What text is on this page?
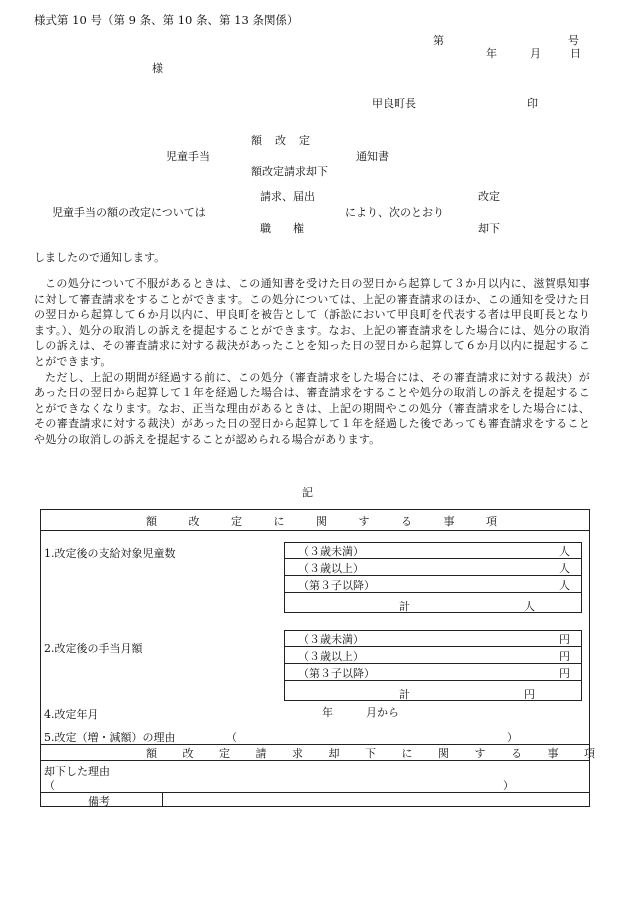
様式第 10 号（第 9 条、第 10 条、第 13 条関係）
第	号
年	月	日
様
甲良町長	印
額　改　定
児童手当	通知書
額改定請求却下
請求、届出	改定
児童手当の額の改定については	により、次のとおり
職　　権	却下
しましたので通知します。

この処分について不服があるときは、この通知書を受けた日の翌日から起算して３か月以内に、滋賀県知事に対して審査請求をすることができます。この処分については、上記の審査請求のほか、この通知を受けた日の翌日から起算して６か月以内に、甲良町を被告として（訴訟において甲良町を代表する者は甲良町長となります。）、処分の取消しの訴えを提起することができます。なお、上記の審査請求をした場合には、処分の取消しの訴えは、その審査請求に対する裁決があったことを知った日の翌日から起算して６か月以内に提起することができます。

ただし、上記の期間が経過する前に、この処分（審査請求をした場合には、その審査請求に対する裁決）があった日の翌日から起算して１年を経過した場合は、審査請求をすることや処分の取消しの訴えを提起することができなくなります。なお、正当な理由があるときは、上記の期間やこの処分（審査請求をした場合には、その審査請求に対する裁決）があった日の翌日から起算して１年を経過した後であっても審査請求をすることや処分の取消しの訴えを提起することが認められる場合があります。

記
額 改 定 に 関 す る 事 項
1.改定後の支給対象児童数	（３歳未満）	人
（３歳以上）	人
（第３子以降）	人
計	人
2.改定後の手当月額
（３歳未満）	円
（３歳以上）	円
（第３子以降）	円
計	円
4.改定年月	年	月から
5.改定（増・減額）の理由	（	）
額 改 定 請 求 却 下 に 関 す る 事 項
却下した理由
（	）
備考
